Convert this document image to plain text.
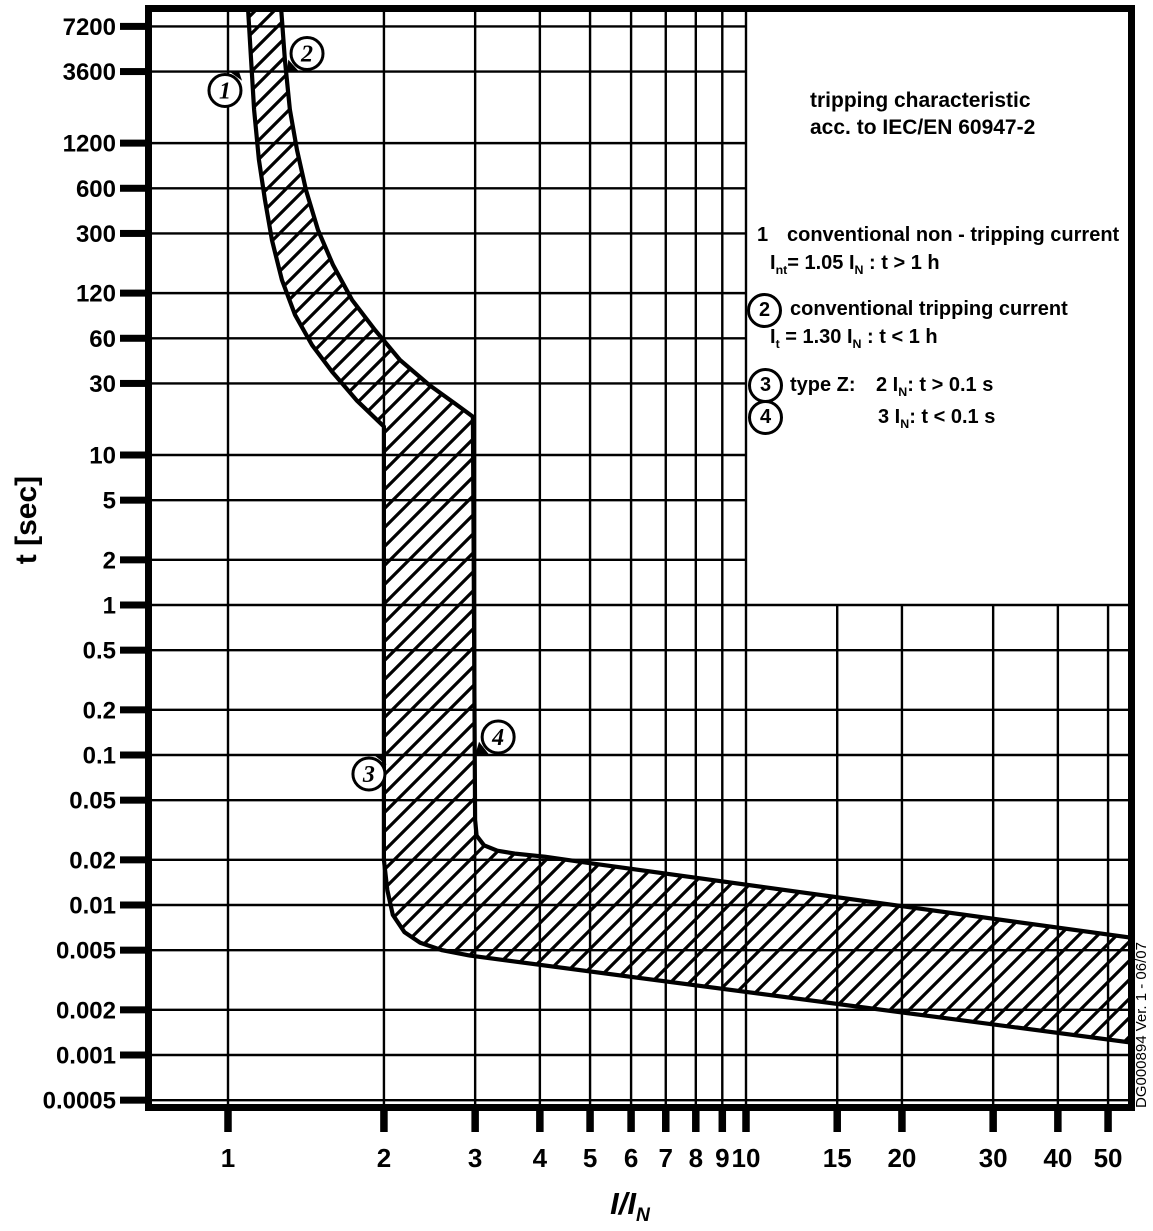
7200
3600
1200
600
300
120
60
30
10
5
2
1
0.5
0.2
0.1
0.05
0.02
0.01
0.005
0.002
0.001
0.0005
1	2	3 4 5 6 7 8 9 10 15 20 30 40 50
1
2
3
4
tripping characteristic
acc. to IEC/EN 60947-2
1 conventional non - tripping current
$I_{nt}= 1.05$ $I_N$ : t > 1 h
2 conventional tripping current
$I_t = 1.30$ $I_N$ : t < 1 h
3 type Z: 2 $I_N$: t > 0.1 s
4	3 $I_N$: t < 0.1 s
t [sec]
$I/I_N$
DG000894 Ver. 1 - 06/07
